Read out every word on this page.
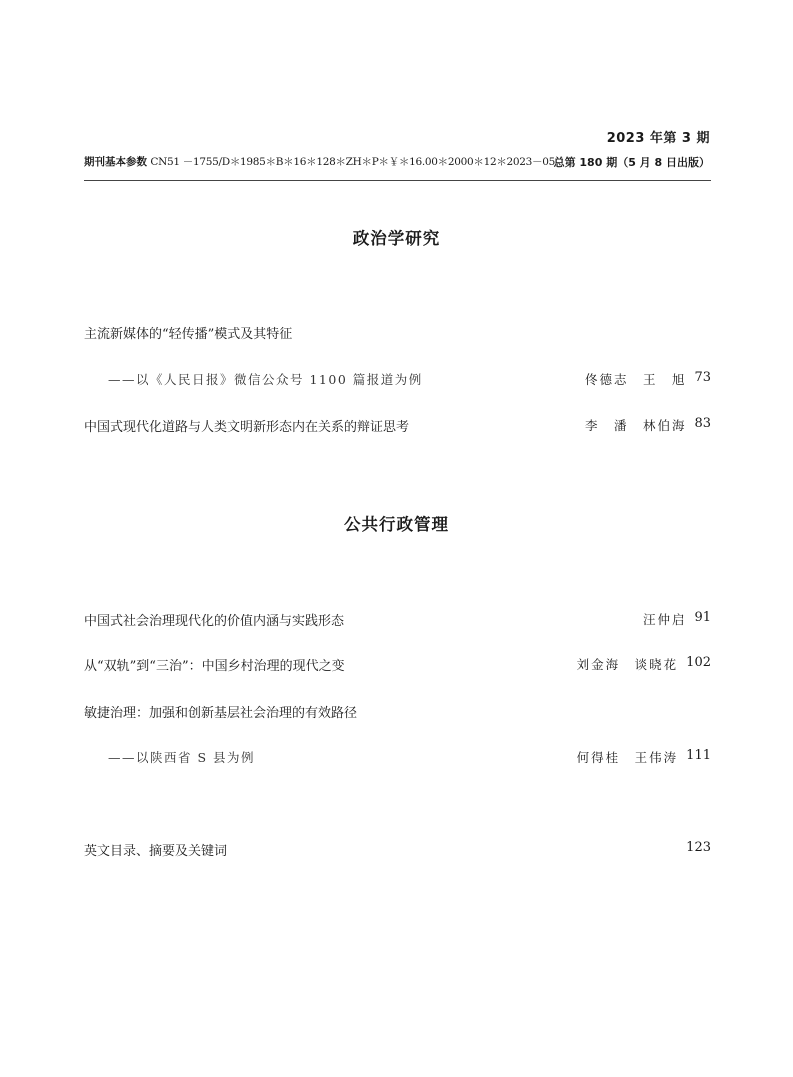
2023 年第 3 期
期刊基本参数 CN51 －1755/D＊1985＊B＊16＊128＊ZH＊P＊￥＊16.00＊2000＊12＊2023－05
总第 180 期（5 月 8 日出版）
政治学研究
主流新媒体的“轻传播”模式及其特征
——以《人民日报》微信公众号 1100 篇报道为例	佟德志　王　旭 73
中国式现代化道路与人类文明新形态内在关系的辩证思考	李　潘　林伯海 83
公共行政管理
中国式社会治理现代化的价值内涵与实践形态	汪仲启 91
从“双轨”到“三治”：中国乡村治理的现代之变	刘金海　谈晓花 102
敏捷治理：加强和创新基层社会治理的有效路径
——以陕西省 S 县为例	何得桂　王伟涛 111
英文目录、摘要及关键词	123
